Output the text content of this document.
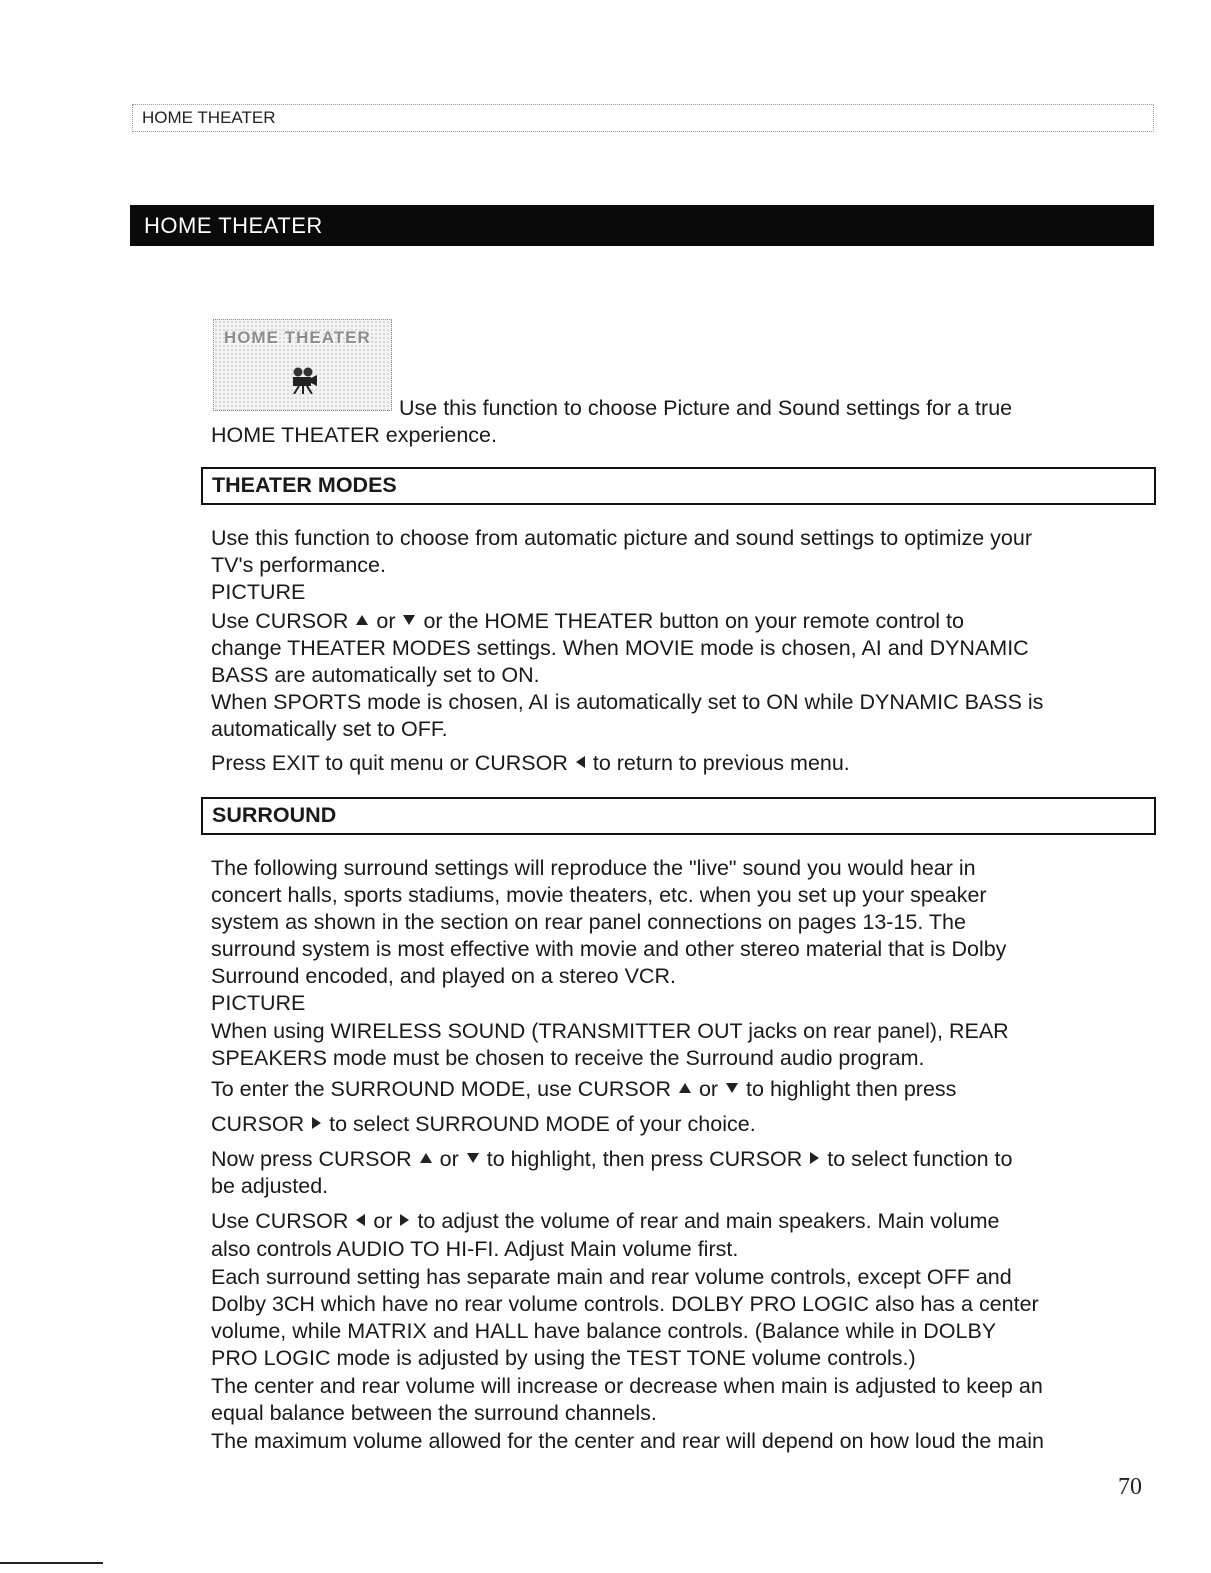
HOME THEATER
HOME THEATER
HOME THEATER
Use this function to choose Picture and Sound settings for a true
HOME THEATER experience.
THEATER MODES
Use this function to choose from automatic picture and sound settings to optimize your
TV's performance.
PICTURE
Use CURSOR or or the HOME THEATER button on your remote control to
change THEATER MODES settings. When MOVIE mode is chosen, AI and DYNAMIC
BASS are automatically set to ON.
When SPORTS mode is chosen, AI is automatically set to ON while DYNAMIC BASS is
automatically set to OFF.
Press EXIT to quit menu or CURSOR to return to previous menu.
SURROUND
The following surround settings will reproduce the "live" sound you would hear in
concert halls, sports stadiums, movie theaters, etc. when you set up your speaker
system as shown in the section on rear panel connections on pages 13-15. The
surround system is most effective with movie and other stereo material that is Dolby
Surround encoded, and played on a stereo VCR.
PICTURE
When using WIRELESS SOUND (TRANSMITTER OUT jacks on rear panel), REAR
SPEAKERS mode must be chosen to receive the Surround audio program.
To enter the SURROUND MODE, use CURSOR or to highlight then press
CURSOR to select SURROUND MODE of your choice.
Now press CURSOR or to highlight, then press CURSOR to select function to
be adjusted.
Use CURSOR or to adjust the volume of rear and main speakers. Main volume
also controls AUDIO TO HI-FI. Adjust Main volume first.
Each surround setting has separate main and rear volume controls, except OFF and
Dolby 3CH which have no rear volume controls. DOLBY PRO LOGIC also has a center
volume, while MATRIX and HALL have balance controls. (Balance while in DOLBY
PRO LOGIC mode is adjusted by using the TEST TONE volume controls.)
The center and rear volume will increase or decrease when main is adjusted to keep an
equal balance between the surround channels.
The maximum volume allowed for the center and rear will depend on how loud the main
70
